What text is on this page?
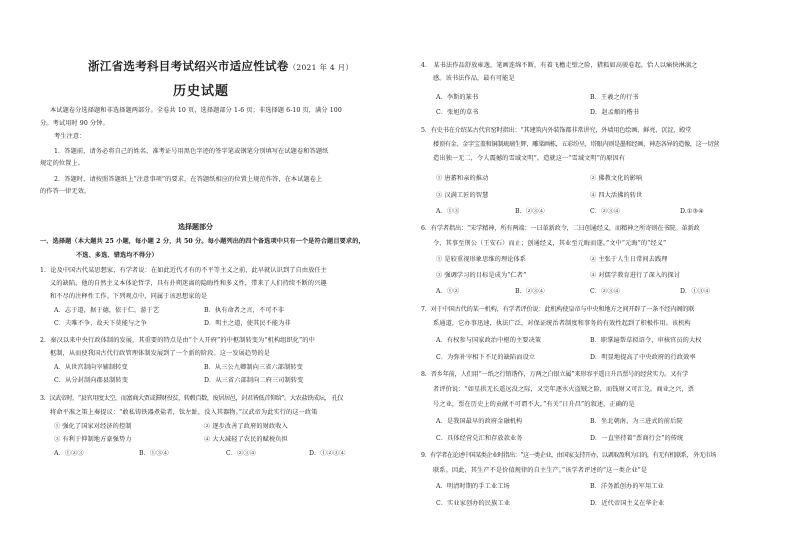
浙江省选考科目考试绍兴市适应性试卷（2021 年 4 月）
历史试题
本试题卷分选择题和非选择题两部分。全卷共 10 页，选择题部分 1-6 页；非选择题 6-10 页，满分 100
分。考试用时 90 分钟。
考生注意：
1．答题前，请务必将自己的姓名、准考证号用黑色字迹的签字笔或钢笔分别填写在试题卷和答题纸
规定的位置上。
2．答题时，请按照答题纸上“注意事项”的要求，在答题纸相应的位置上规范作答，在本试题卷上
的作答一律无效。
选择题部分
一、选择题（本大题共 25 小题，每小题 2 分，共 50 分。每小题列出的四个备选项中只有一个是符合题目要求的，
不选、多选、错选均不得分）
1．论及中国古代某思想家，有学者说：在如此近代才有的不平等主义之前，此早就认识到了自由放任主
义的缺陷，他的自然主义本体论哲学，具有扑朔迷离的隐晦性和多义性，带来了人们持续不断的兴趣
和不尽的注释性工作。下列观点中，同属于该思想家的是
A．志于道，据于德，依于仁，游于艺	B．执有命者之言，不可不非
C．夫唯不争，故天下莫能与之争	D．明主之道，使其民不能为非
2．秦汉以来中央行政体制的发展，其重要的特点是由“个人开府”的中枢制转变为“机构组织化”的中
枢制，从而使我国古代行政管理体制发展到了一个新的阶段。这一发展趋势的是
A．从世宫制向宰辅制转变	B．从三公九卿制向三省六部制转变
C．从分封制向郡县制转变	D．从三省六部制向二府三司制转变
3．汉武帝时，“县官用度太空，而富商大贾或滞财役贫，转毂百数，废居居邑，封君皆低首仰给”。大农盐铁成坛， 孔仅
将命平准之策上奏提议：“敢私铸铁器煮盐者，钛左趾，没入其器物。”汉武帝为此实行的这一政策
① 强化了国家对经济的控制	② 逐步改善了政府的财政收入
③ 有利于抑制地方豪强势力	④ 大大减轻了农民的赋税负担
A．①②③	B．①③④	C．②③④	D．①②③④
4． 某书法作品舒放雍逸，笔画连绵不断，有着飞檐走壁之险，猎狐如高骏卷起，恰人以痛快淋漓之
感。该书法作品，最有可能是
A．李斯的篆书	B．王羲之的行书
C．张旭的草书	D．赵孟頫的楷书
5．有史书在介绍某古代官窑时指出：“其建筑内外装饰都非常讲究，外墙用色绘画、鲜亮、沉淀，殿堂
楼顶有金、金字宝盖和铜制琉璃生辉，雕梁画栋，五彩纷呈，塔眼内则是墨和经画，神态各异的造像，这一切营
造出独一无二，令人震撼的雪域文明”。造就这一“雪域文明”的原因有
① 唐蕃和亲的推动	② 佛教文化的影响
③ 汉满工匠的智慧	④ 四大活佛的转世
A．①③	B．②③④	C．②③④	D.①③④
6．有学者指出：“宋学精神，所有两端：一曰革新政令，二曰创通经义，而精神之所寄则在书院。革新政
令，其事至荆公（王安石）而止；创通经义，其业至元晦而遂。”文中“元晦”的“经义”
① 是较重视形象思维的理论体系	② 主张于人生日常间去践理
③ 强调学习的目标是成为“仁者”	④ 对儒学教育进行了深入的探讨
A．①②	B．②③④	C．②③④	D．①③④
7．对于中国古代的某一机构，有学者评价说：此机构使皇帝与中央和地方之间开辟了一条不经内阁的联
系通道，它办事迅速，执法广泛，对保证统治者制度和事务的有效性起到了积极作用。该机构
A．有权参与国家政治中枢的主要决策	B．职掌遍帮草拟诏令，审核官员的大权
C．为弥补宰相下不足的缺陷而设立	D．明显地提高了中央政府的行政效率
8．晋乡年前，人们用“一纸之行销谐作，万两之白银立属”来形容平遥日升昌票号的经营实力。又有学
者评价说：“如星拱无长遥远没之际，又完年逐水火盗贼之险，而钱财又可汇兑。商业之兴，票
号之业，票在历史上的贡献不可谓不大。”有关“日升昌”的叙述，正确的是
A．是我国最早的政府金融机构	B．坐北朝南，为三进式的前后院
C．具体经营兑汇和存放款业务	D．一直坚持着“票商行会”的传统
9．有学者在论述中国某类企业时指出：“这一类企业，由国家支持开办，以剥取盈利为目的，有无有机联系， 外无市场
联系。因此，其生产不是价值规律的自主生产。”该学者评述的“这一类企业”是
A．明清时期的手工业工场	B．洋务派创办的军用工业
C．实业家创办的民族工业	D．近代帝国主义在华企业
